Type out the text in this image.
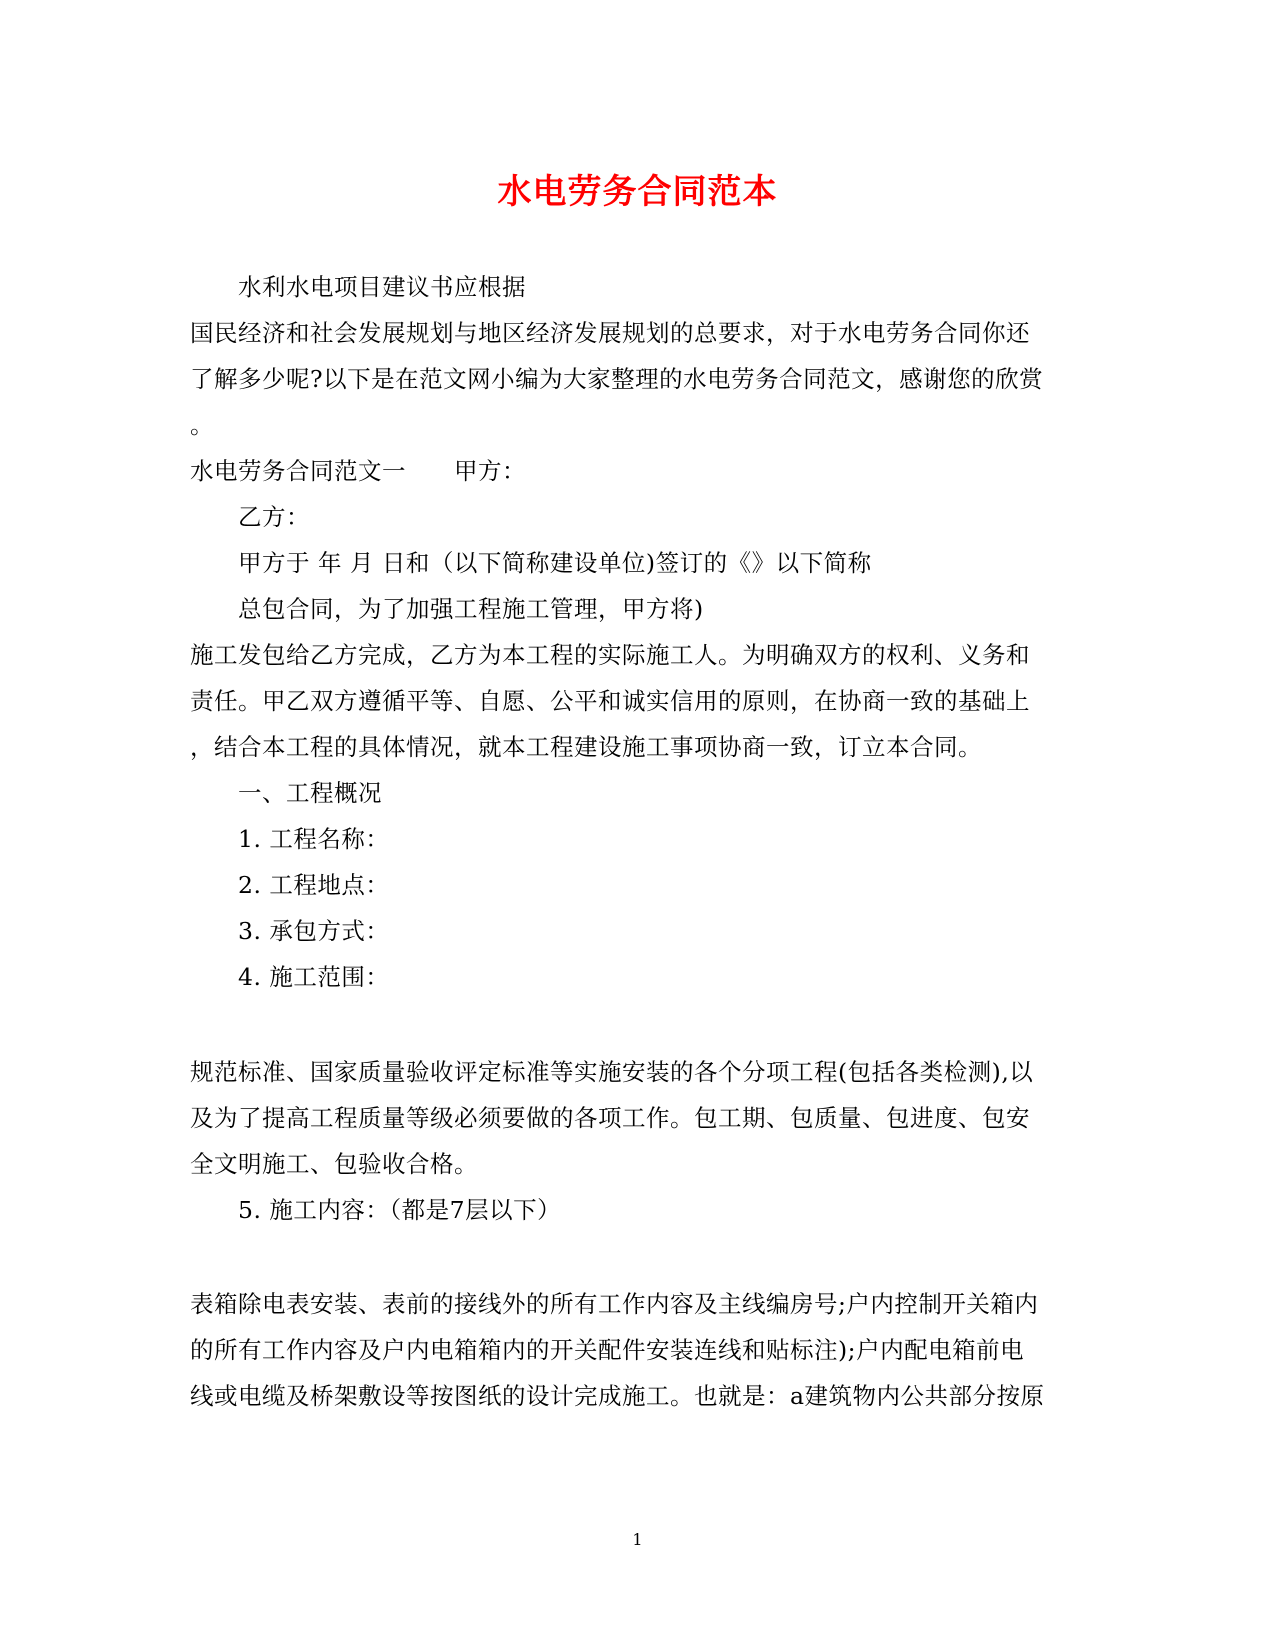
水电劳务合同范本

水利水电项目建议书应根据

国民经济和社会发展规划与地区经济发展规划的总要求，对于水电劳务合同你还

了解多少呢?以下是在范文网小编为大家整理的水电劳务合同范文，感谢您的欣赏

。

水电劳务合同范文一 甲方：

乙方：

甲方于 年 月 日和（以下简称建设单位)签订的《》以下简称

总包合同，为了加强工程施工管理，甲方将)

施工发包给乙方完成，乙方为本工程的实际施工人。为明确双方的权利、义务和

责任。甲乙双方遵循平等、自愿、公平和诚实信用的原则，在协商一致的基础上

，结合本工程的具体情况，就本工程建设施工事项协商一致，订立本合同。

一、工程概况

1. 工程名称：

2. 工程地点：

3. 承包方式：

4. 施工范围：

规范标准、国家质量验收评定标准等实施安装的各个分项工程(包括各类检测),以

及为了提高工程质量等级必须要做的各项工作。包工期、包质量、包进度、包安

全文明施工、包验收合格。

5. 施工内容：（都是7层以下）

表箱除电表安装、表前的接线外的所有工作内容及主线编房号;户内控制开关箱内

的所有工作内容及户内电箱箱内的开关配件安装连线和贴标注);户内配电箱前电

线或电缆及桥架敷设等按图纸的设计完成施工。也就是：a建筑物内公共部分按原

1
